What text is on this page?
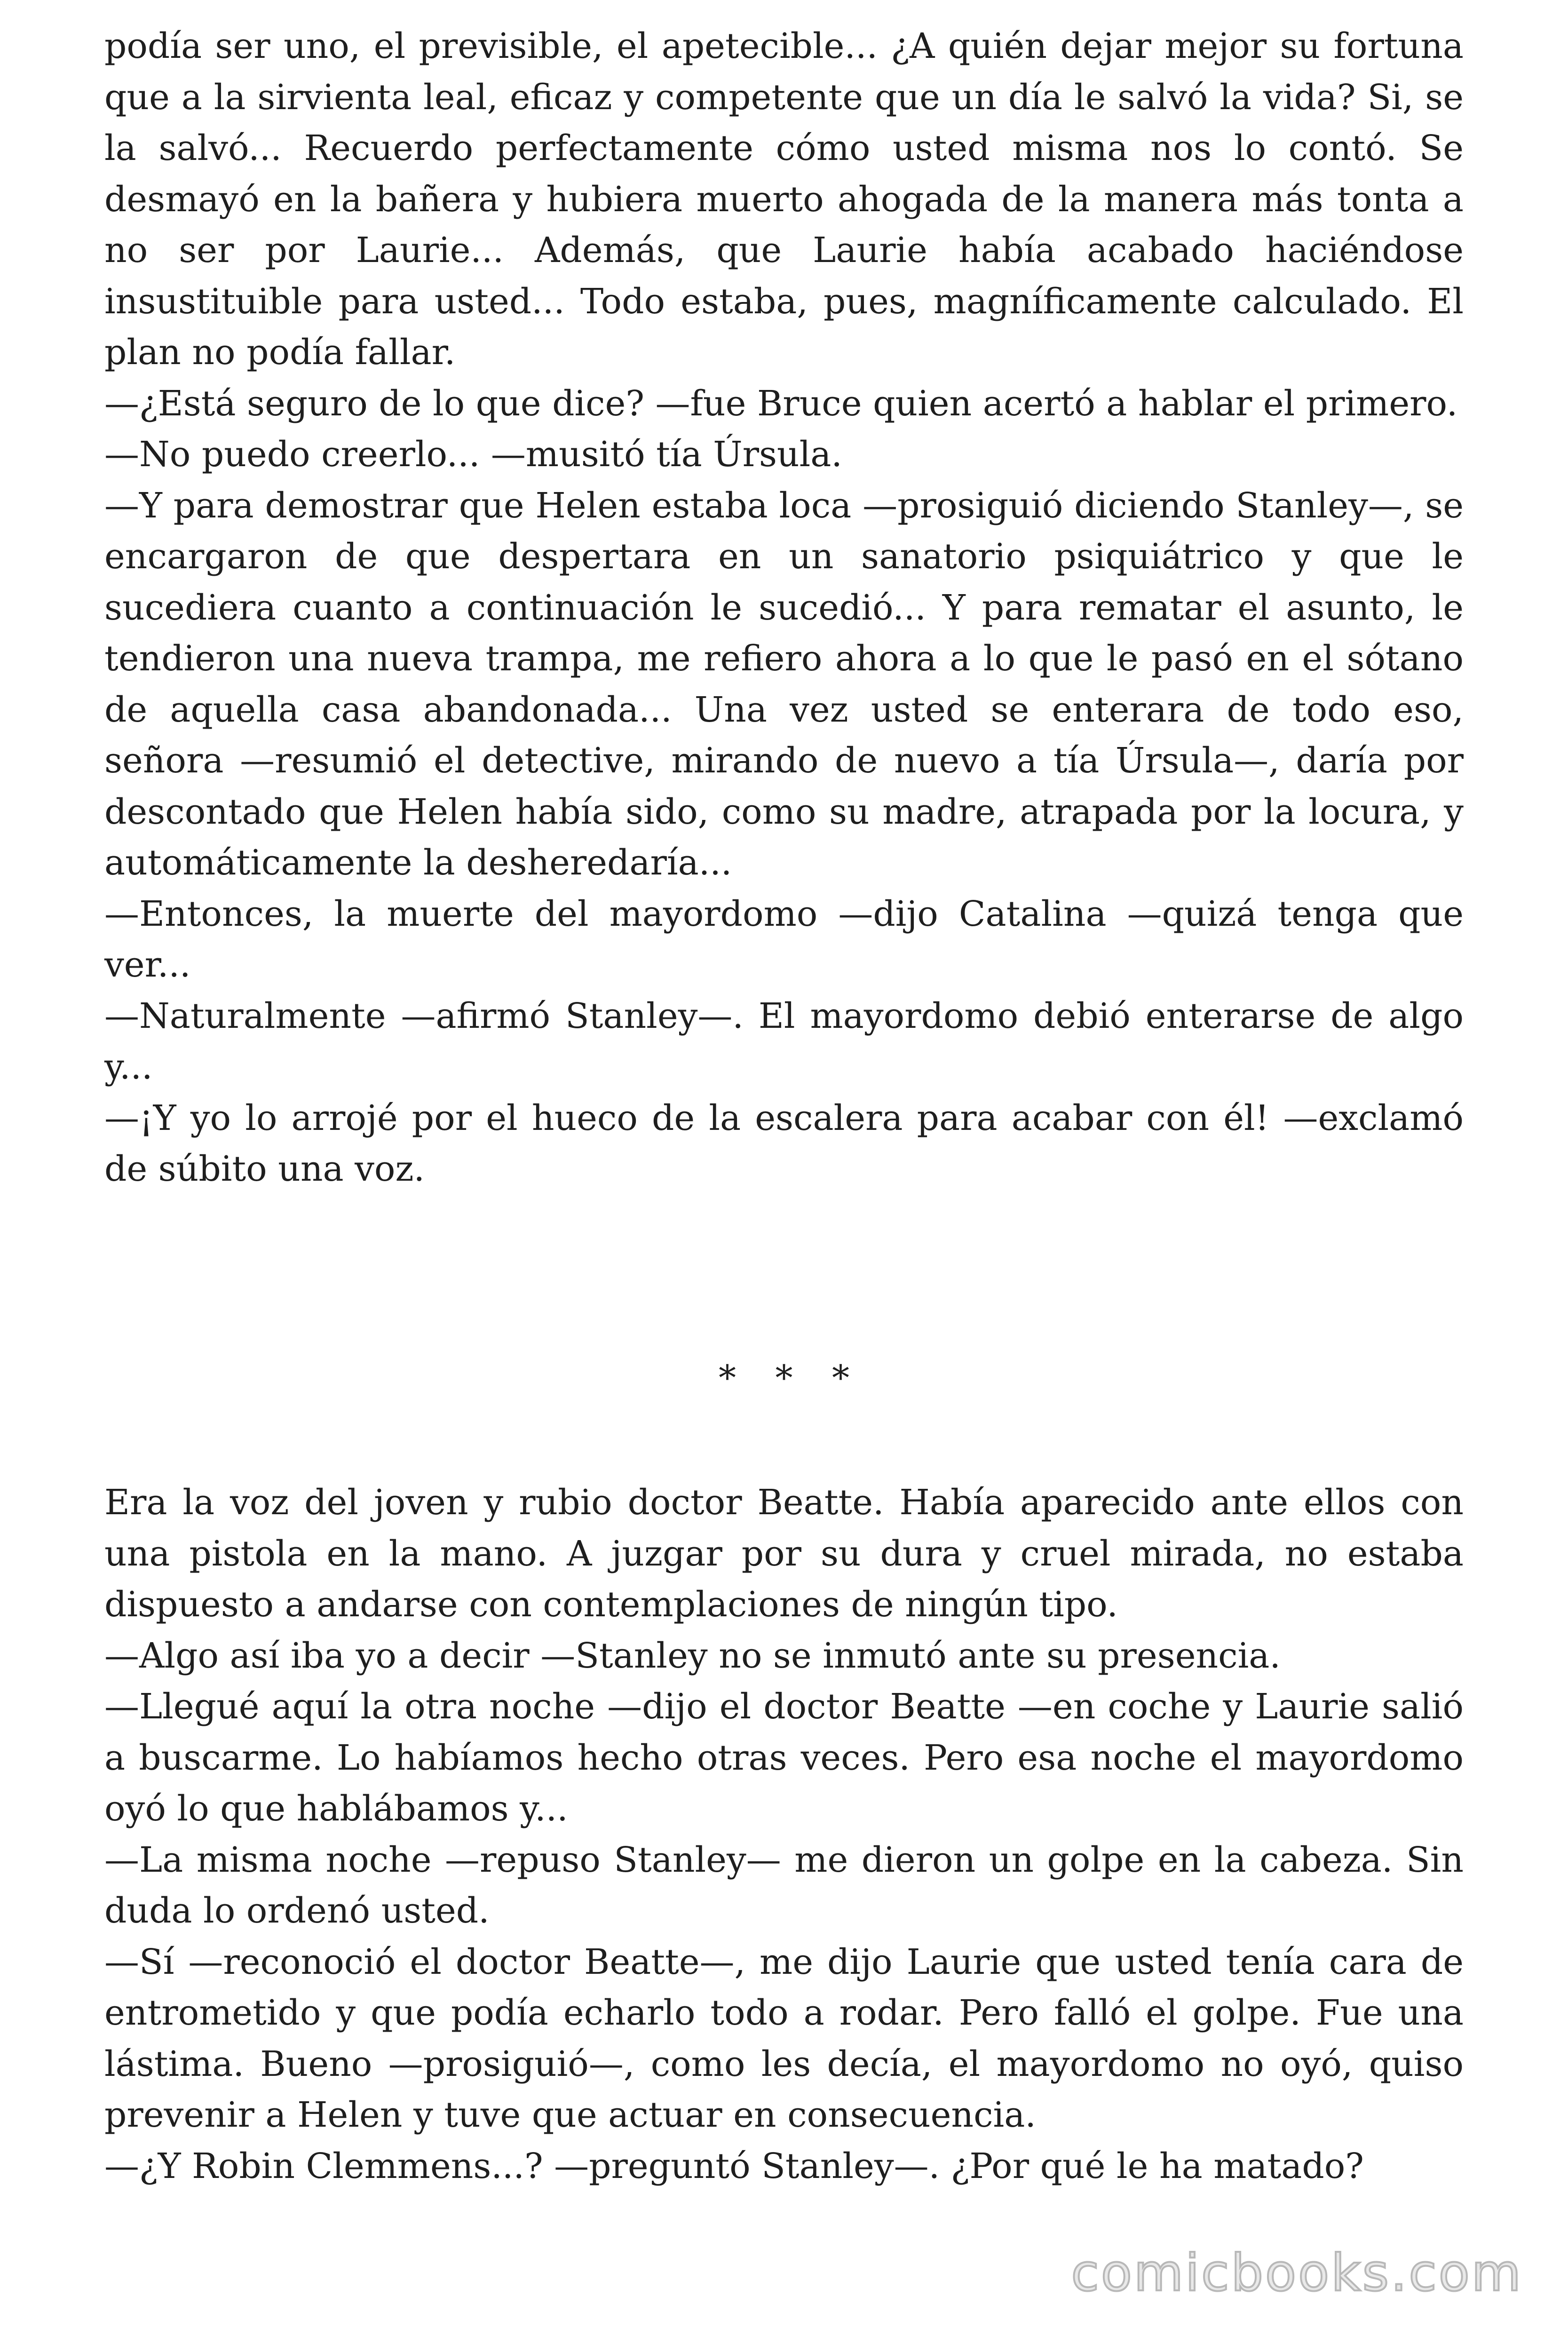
podía ser uno, el previsible, el apetecible... ¿A quién dejar mejor su fortuna que a la sirvienta leal, eficaz y competente que un día le salvó la vida? Si, se la salvó... Recuerdo perfectamente cómo usted misma nos lo contó. Se desmayó en la bañera y hubiera muerto ahogada de la manera más tonta a no ser por Laurie... Además, que Laurie había acabado haciéndose insustituible para usted... Todo estaba, pues, magníficamente calculado. El plan no podía fallar.

—¿Está seguro de lo que dice? —fue Bruce quien acertó a hablar el primero.

—No puedo creerlo... —musitó tía Úrsula.

—Y para demostrar que Helen estaba loca —prosiguió diciendo Stanley—, se encargaron de que despertara en un sanatorio psiquiátrico y que le sucediera cuanto a continuación le sucedió... Y para rematar el asunto, le tendieron una nueva trampa, me refiero ahora a lo que le pasó en el sótano de aquella casa abandonada... Una vez usted se enterara de todo eso, señora —resumió el detective, mirando de nuevo a tía Úrsula—, daría por descontado que Helen había sido, como su madre, atrapada por la locura, y automáticamente la desheredaría...

—Entonces, la muerte del mayordomo —dijo Catalina —quizá tenga que ver...

—Naturalmente —afirmó Stanley—. El mayordomo debió enterarse de algo y...

—¡Y yo lo arrojé por el hueco de la escalera para acabar con él! —exclamó de súbito una voz.

* * *

Era la voz del joven y rubio doctor Beatte. Había aparecido ante ellos con una pistola en la mano. A juzgar por su dura y cruel mirada, no estaba dispuesto a andarse con contemplaciones de ningún tipo.

—Algo así iba yo a decir —Stanley no se inmutó ante su presencia.

—Llegué aquí la otra noche —dijo el doctor Beatte —en coche y Laurie salió a buscarme. Lo habíamos hecho otras veces. Pero esa noche el mayordomo oyó lo que hablábamos y...

—La misma noche —repuso Stanley— me dieron un golpe en la cabeza. Sin duda lo ordenó usted.

—Sí —reconoció el doctor Beatte—, me dijo Laurie que usted tenía cara de entrometido y que podía echarlo todo a rodar. Pero falló el golpe. Fue una lástima. Bueno —prosiguió—, como les decía, el mayordomo no oyó, quiso prevenir a Helen y tuve que actuar en consecuencia.

—¿Y Robin Clemmens...? —preguntó Stanley—. ¿Por qué le ha matado?

comicbooks.com
